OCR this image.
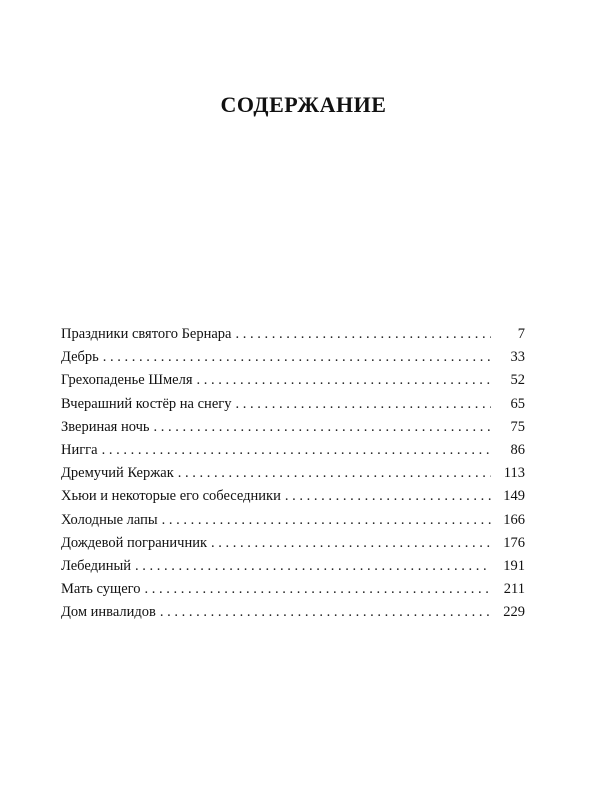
СОДЕРЖАНИЕ
Праздники святого Бернара . . .	7
Дебрь . . .	33
Грехопаденье Шмеля . . .	52
Вчерашний костёр на снегу . . .	65
Звериная ночь . . .	75
Нигга . . .	86
Дремучий Кержак . . .	113
Хьюи и некоторые его собеседники . . .	149
Холодные лапы . . .	166
Дождевой пограничник . . .	176
Лебединый . . .	191
Мать сущего . . .	211
Дом инвалидов . . .	229
